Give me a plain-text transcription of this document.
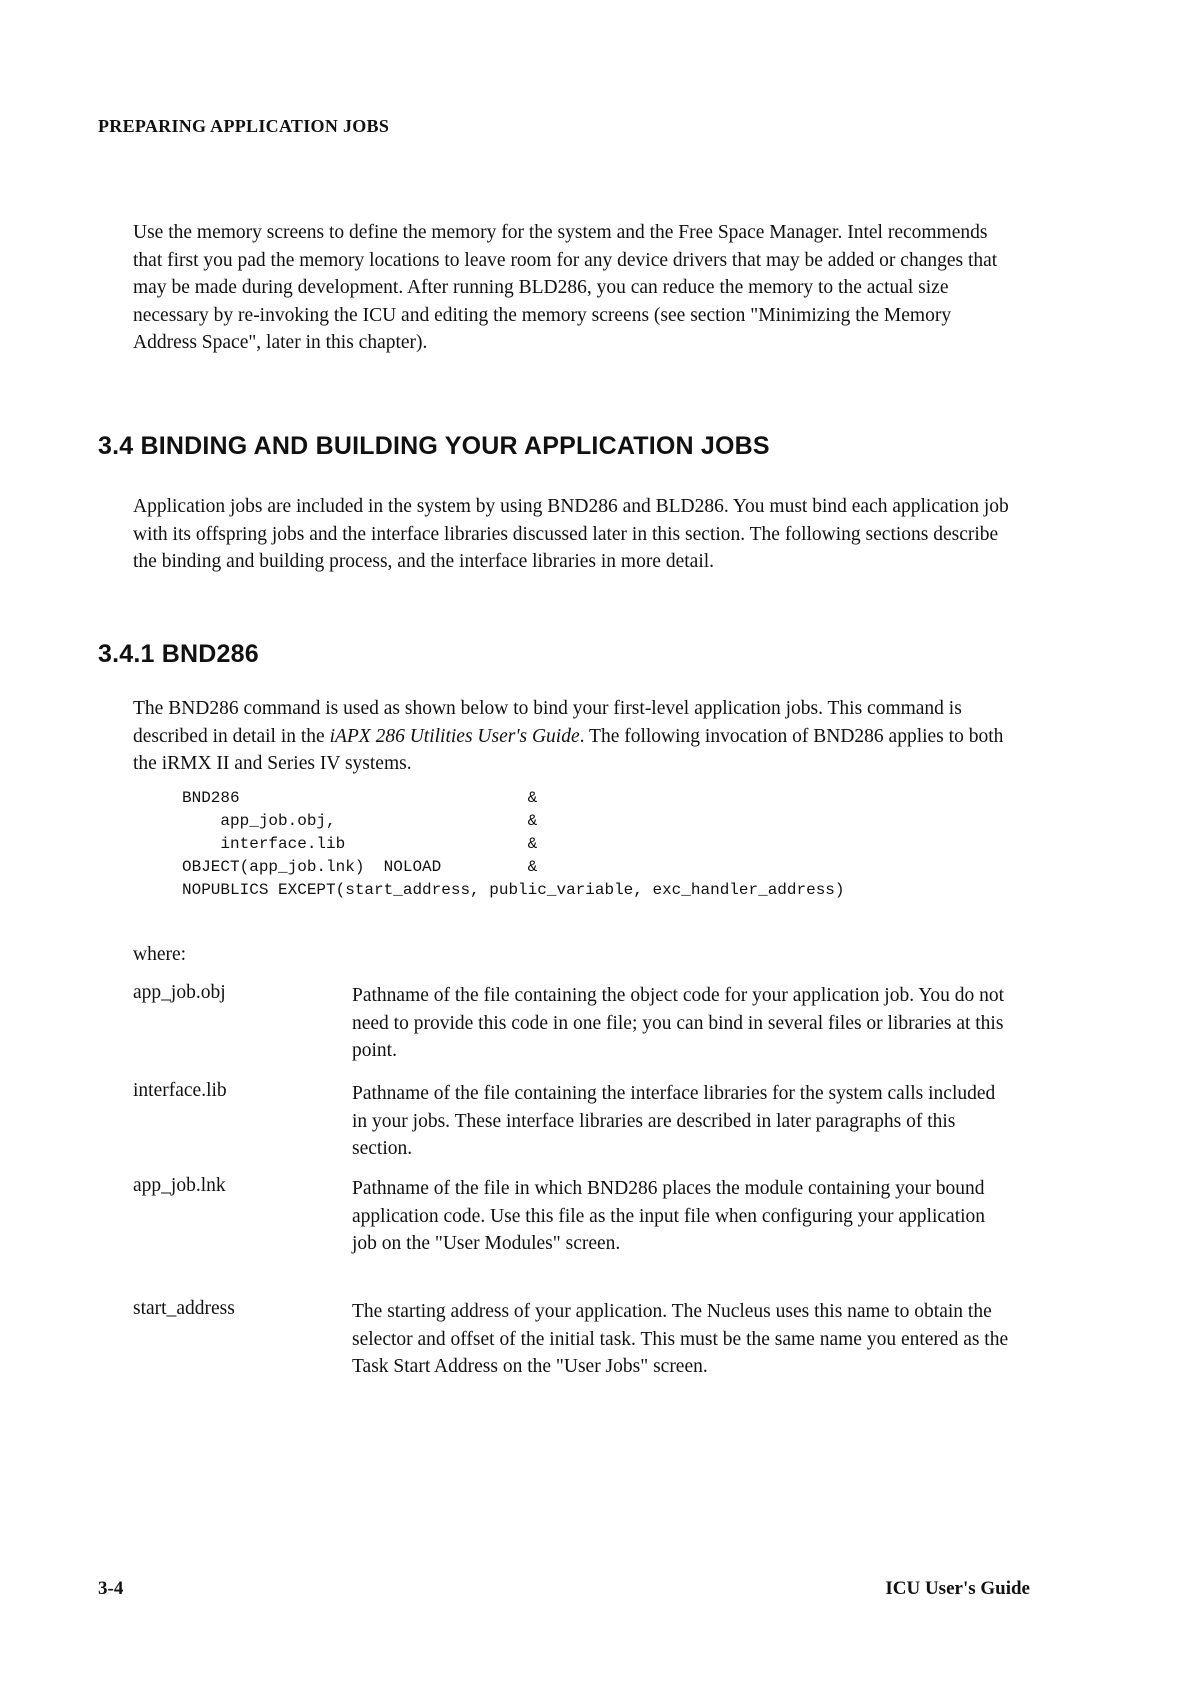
PREPARING APPLICATION JOBS

Use the memory screens to define the memory for the system and the Free Space Manager. Intel recommends that first you pad the memory locations to leave room for any device drivers that may be added or changes that may be made during development. After running BLD286, you can reduce the memory to the actual size necessary by re-invoking the ICU and editing the memory screens (see section "Minimizing the Memory Address Space", later in this chapter).

3.4 BINDING AND BUILDING YOUR APPLICATION JOBS

Application jobs are included in the system by using BND286 and BLD286. You must bind each application job with its offspring jobs and the interface libraries discussed later in this section. The following sections describe the binding and building process, and the interface libraries in more detail.

3.4.1 BND286

The BND286 command is used as shown below to bind your first-level application jobs. This command is described in detail in the iAPX 286 Utilities User's Guide. The following invocation of BND286 applies to both the iRMX II and Series IV systems.

BND286                              &
app_job.obj,                    &
interface.lib                   &
OBJECT(app_job.lnk)  NOLOAD         &
NOPUBLICS EXCEPT(start_address, public_variable, exc_handler_address)
where:
app_job.obj	Pathname of the file containing the object code for your application job. You do not need to provide this code in one file; you can bind in several files or libraries at this point.
interface.lib	Pathname of the file containing the interface libraries for the system calls included in your jobs. These interface libraries are described in later paragraphs of this section.
app_job.lnk	Pathname of the file in which BND286 places the module containing your bound application code. Use this file as the input file when configuring your application job on the "User Modules" screen.
start_address	The starting address of your application. The Nucleus uses this name to obtain the selector and offset of the initial task. This must be the same name you entered as the Task Start Address on the "User Jobs" screen.
3-4	ICU User's Guide
